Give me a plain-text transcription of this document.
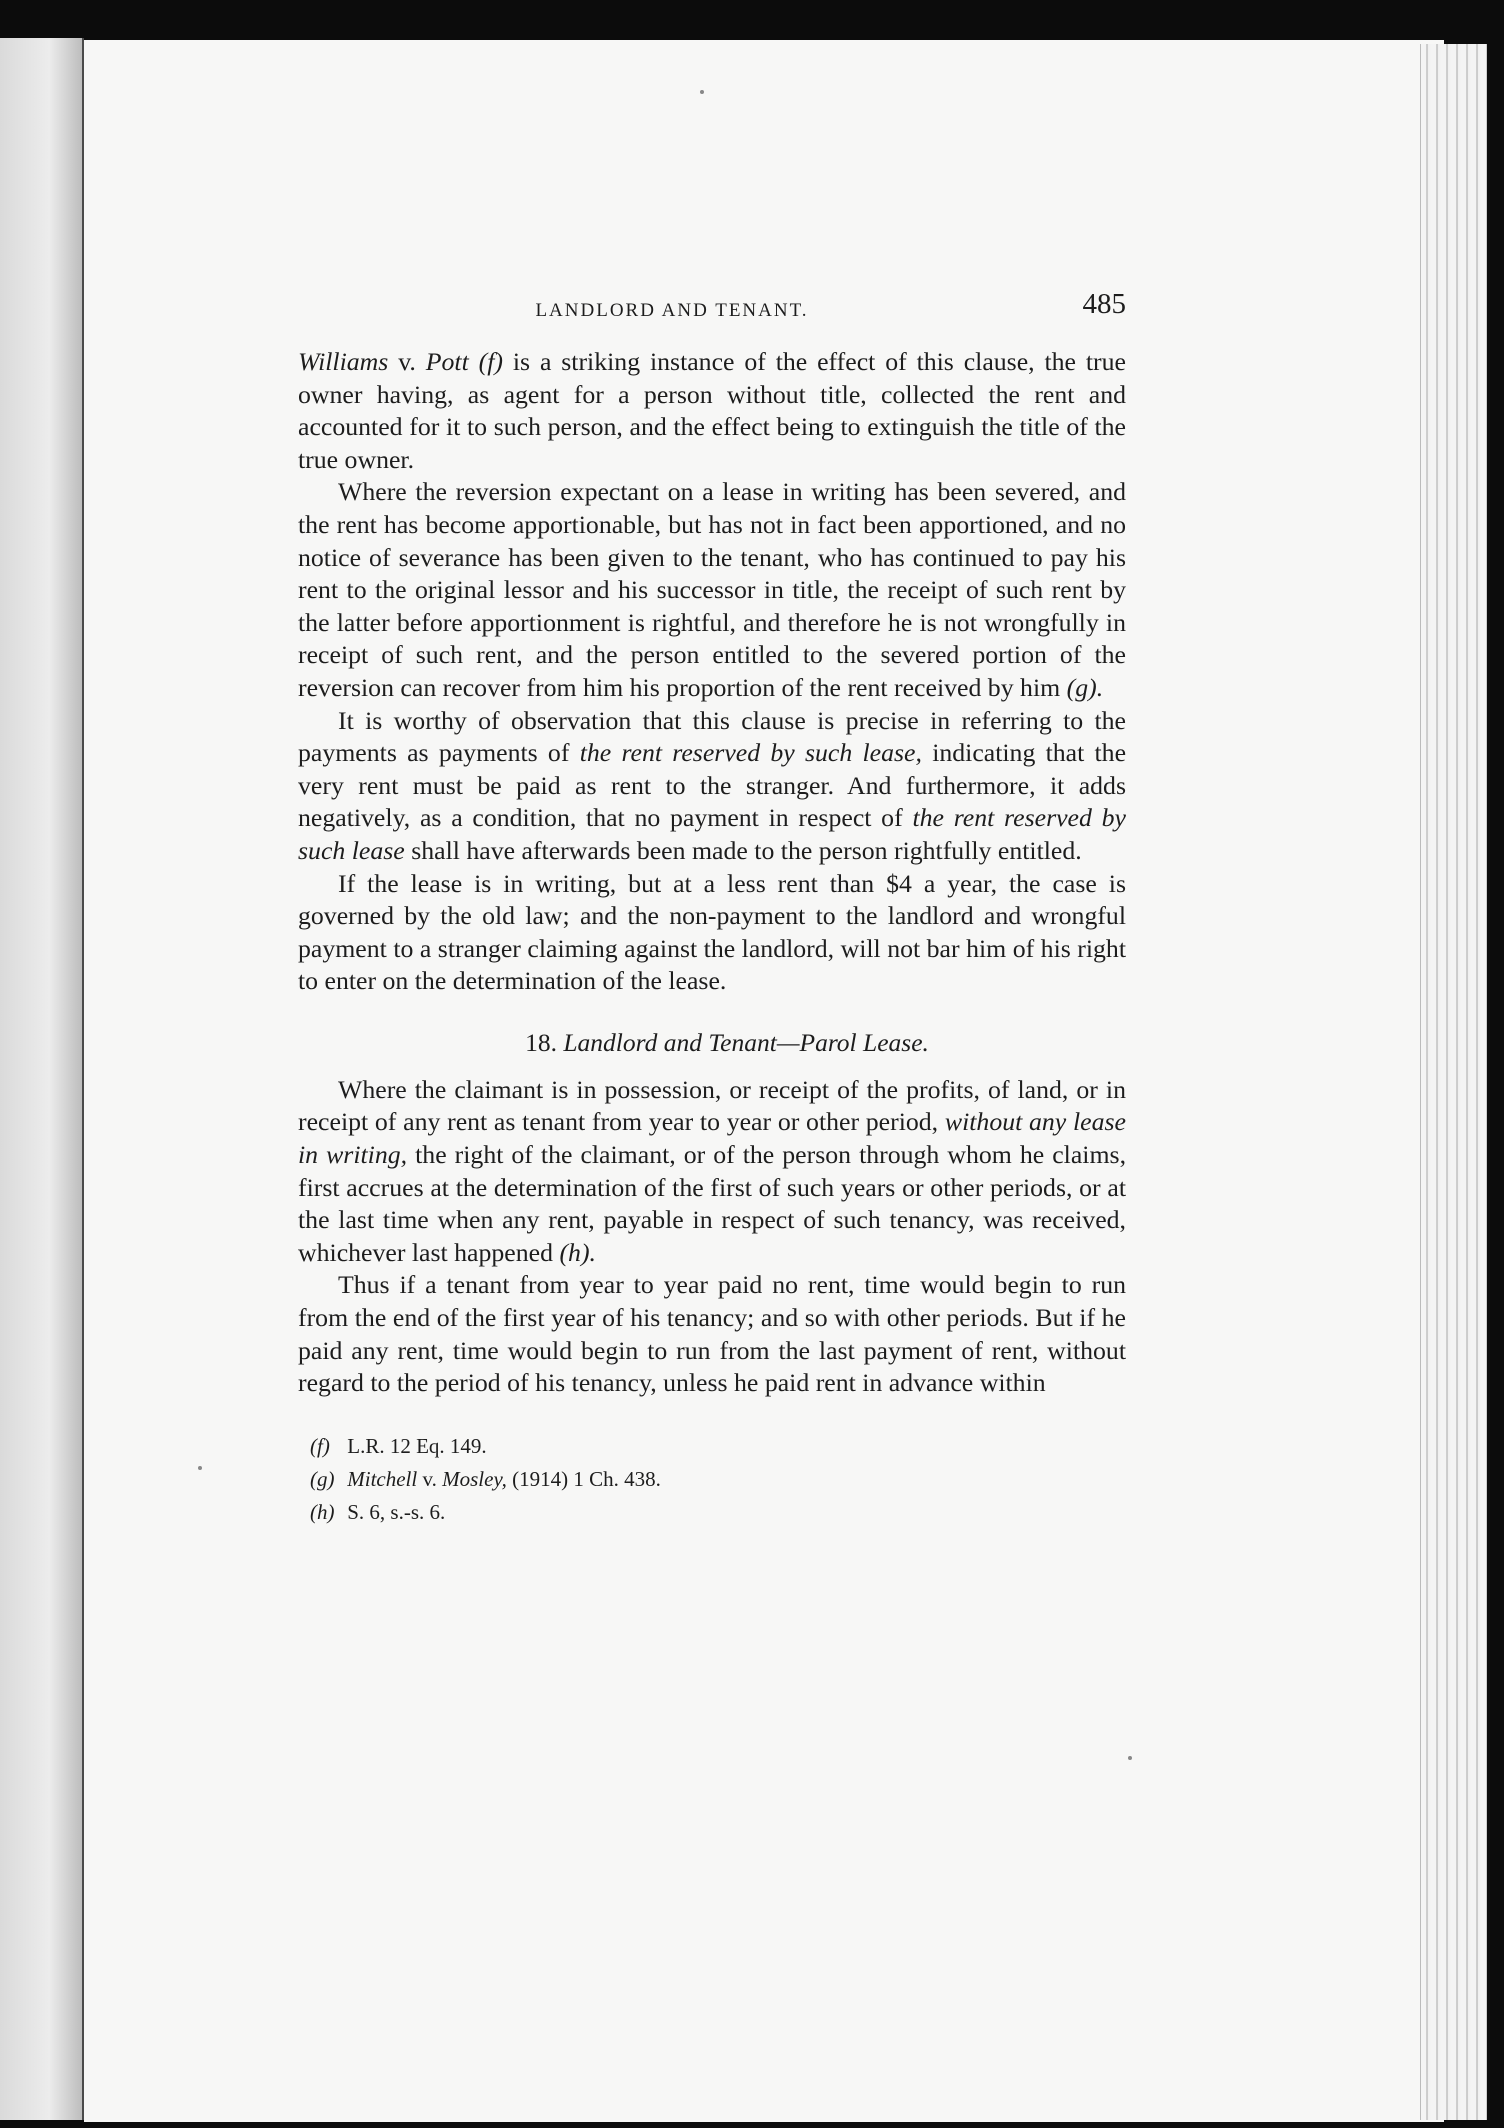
LANDLORD AND TENANT.	485

Williams v. Pott (f) is a striking instance of the effect of this clause, the true owner having, as agent for a person without title, collected the rent and accounted for it to such person, and the effect being to extinguish the title of the true owner.

Where the reversion expectant on a lease in writing has been severed, and the rent has become apportionable, but has not in fact been apportioned, and no notice of severance has been given to the tenant, who has continued to pay his rent to the original lessor and his successor in title, the receipt of such rent by the latter before apportionment is rightful, and therefore he is not wrongfully in receipt of such rent, and the person entitled to the severed portion of the reversion can recover from him his proportion of the rent received by him (g).

It is worthy of observation that this clause is precise in referring to the payments as payments of the rent reserved by such lease, indicating that the very rent must be paid as rent to the stranger. And furthermore, it adds negatively, as a condition, that no payment in respect of the rent reserved by such lease shall have afterwards been made to the person rightfully entitled.

If the lease is in writing, but at a less rent than $4 a year, the case is governed by the old law; and the non-payment to the landlord and wrongful payment to a stranger claiming against the landlord, will not bar him of his right to enter on the determination of the lease.

18. Landlord and Tenant—Parol Lease.

Where the claimant is in possession, or receipt of the profits, of land, or in receipt of any rent as tenant from year to year or other period, without any lease in writing, the right of the claimant, or of the person through whom he claims, first accrues at the determination of the first of such years or other periods, or at the last time when any rent, payable in respect of such tenancy, was received, whichever last happened (h).

Thus if a tenant from year to year paid no rent, time would begin to run from the end of the first year of his tenancy; and so with other periods. But if he paid any rent, time would begin to run from the last payment of rent, without regard to the period of his tenancy, unless he paid rent in advance within

(f) L.R. 12 Eq. 149.
(g) Mitchell v. Mosley, (1914) 1 Ch. 438.
(h) S. 6, s.-s. 6.
